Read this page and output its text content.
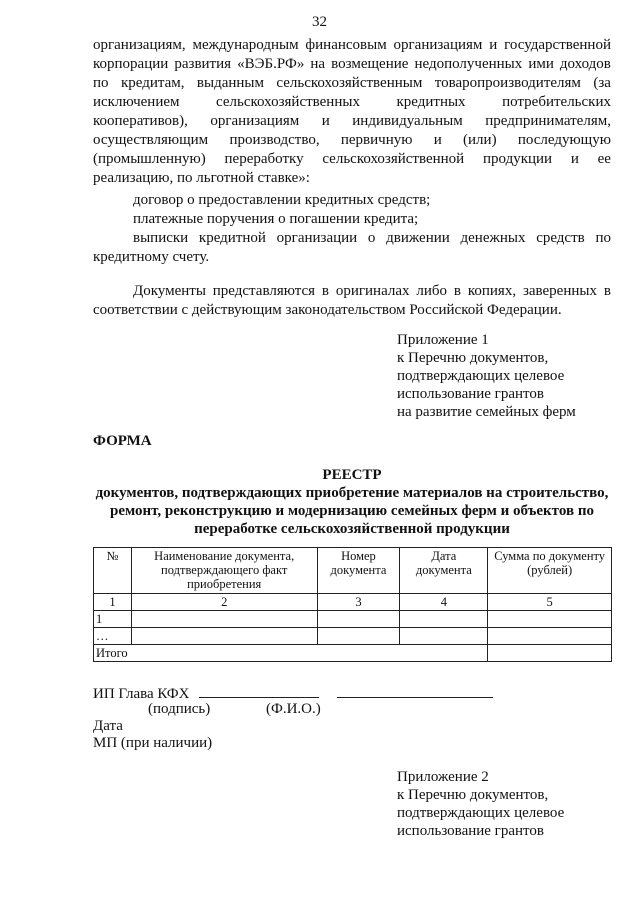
32
организациям, международным финансовым организациям и государственной
корпорации развития «ВЭБ.РФ» на возмещение недополученных ими доходов
по кредитам, выданным сельскохозяйственным товаропроизводителям (за
исключением сельскохозяйственных кредитных потребительских
кооперативов), организациям и индивидуальным предпринимателям,
осуществляющим производство, первичную и (или) последующую
(промышленную) переработку сельскохозяйственной продукции и ее
реализацию, по льготной ставке»:
договор о предоставлении кредитных средств;
платежные поручения о погашении кредита;
выписки кредитной организации о движении денежных средств по
кредитному счету.
Документы представляются в оригиналах либо в копиях, заверенных в
соответствии с действующим законодательством Российской Федерации.
Приложение 1
к Перечню документов,
подтверждающих целевое
использование грантов
на развитие семейных ферм
ФОРМА
РЕЕСТР
документов, подтверждающих приобретение материалов на строительство,
ремонт, реконструкцию и модернизацию семейных ферм и объектов по
переработке сельскохозяйственной продукции
№	Наименование документа, подтверждающего факт приобретения	Номер документа	Дата документа	Сумма по документу (рублей)
1	2	3	4	5
1				
…				
Итого				
ИП Глава КФХ
(подпись)	(Ф.И.О.)
Дата
МП (при наличии)
Приложение 2
к Перечню документов,
подтверждающих целевое
использование грантов
